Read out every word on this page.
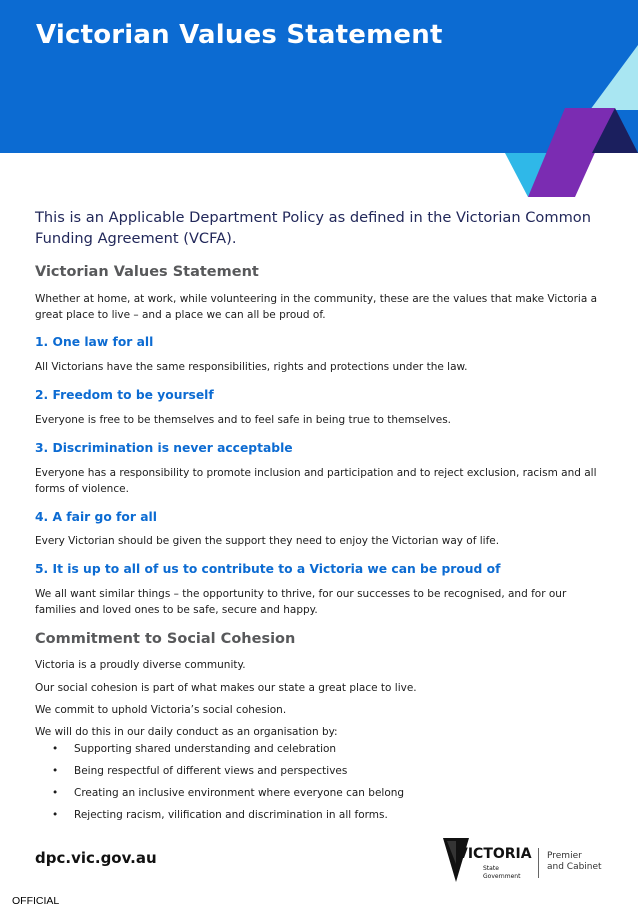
Victorian Values Statement

This is an Applicable Department Policy as defined in the Victorian Common Funding Agreement (VCFA).

Victorian Values Statement

Whether at home, at work, while volunteering in the community, these are the values that make Victoria a great place to live – and a place we can all be proud of.

1. One law for all

All Victorians have the same responsibilities, rights and protections under the law.

2. Freedom to be yourself

Everyone is free to be themselves and to feel safe in being true to themselves.

3. Discrimination is never acceptable

Everyone has a responsibility to promote inclusion and participation and to reject exclusion, racism and all forms of violence.

4. A fair go for all

Every Victorian should be given the support they need to enjoy the Victorian way of life.

5. It is up to all of us to contribute to a Victoria we can be proud of

We all want similar things – the opportunity to thrive, for our successes to be recognised, and for our families and loved ones to be safe, secure and happy.

Commitment to Social Cohesion

Victoria is a proudly diverse community.

Our social cohesion is part of what makes our state a great place to live.

We commit to uphold Victoria’s social cohesion.

We will do this in our daily conduct as an organisation by:

• Supporting shared understanding and celebration
• Being respectful of different views and perspectives
• Creating an inclusive environment where everyone can belong
• Rejecting racism, vilification and discrimination in all forms.

dpc.vic.gov.au	VICTORIA
State
Government

Premier
and Cabinet

OFFICIAL
